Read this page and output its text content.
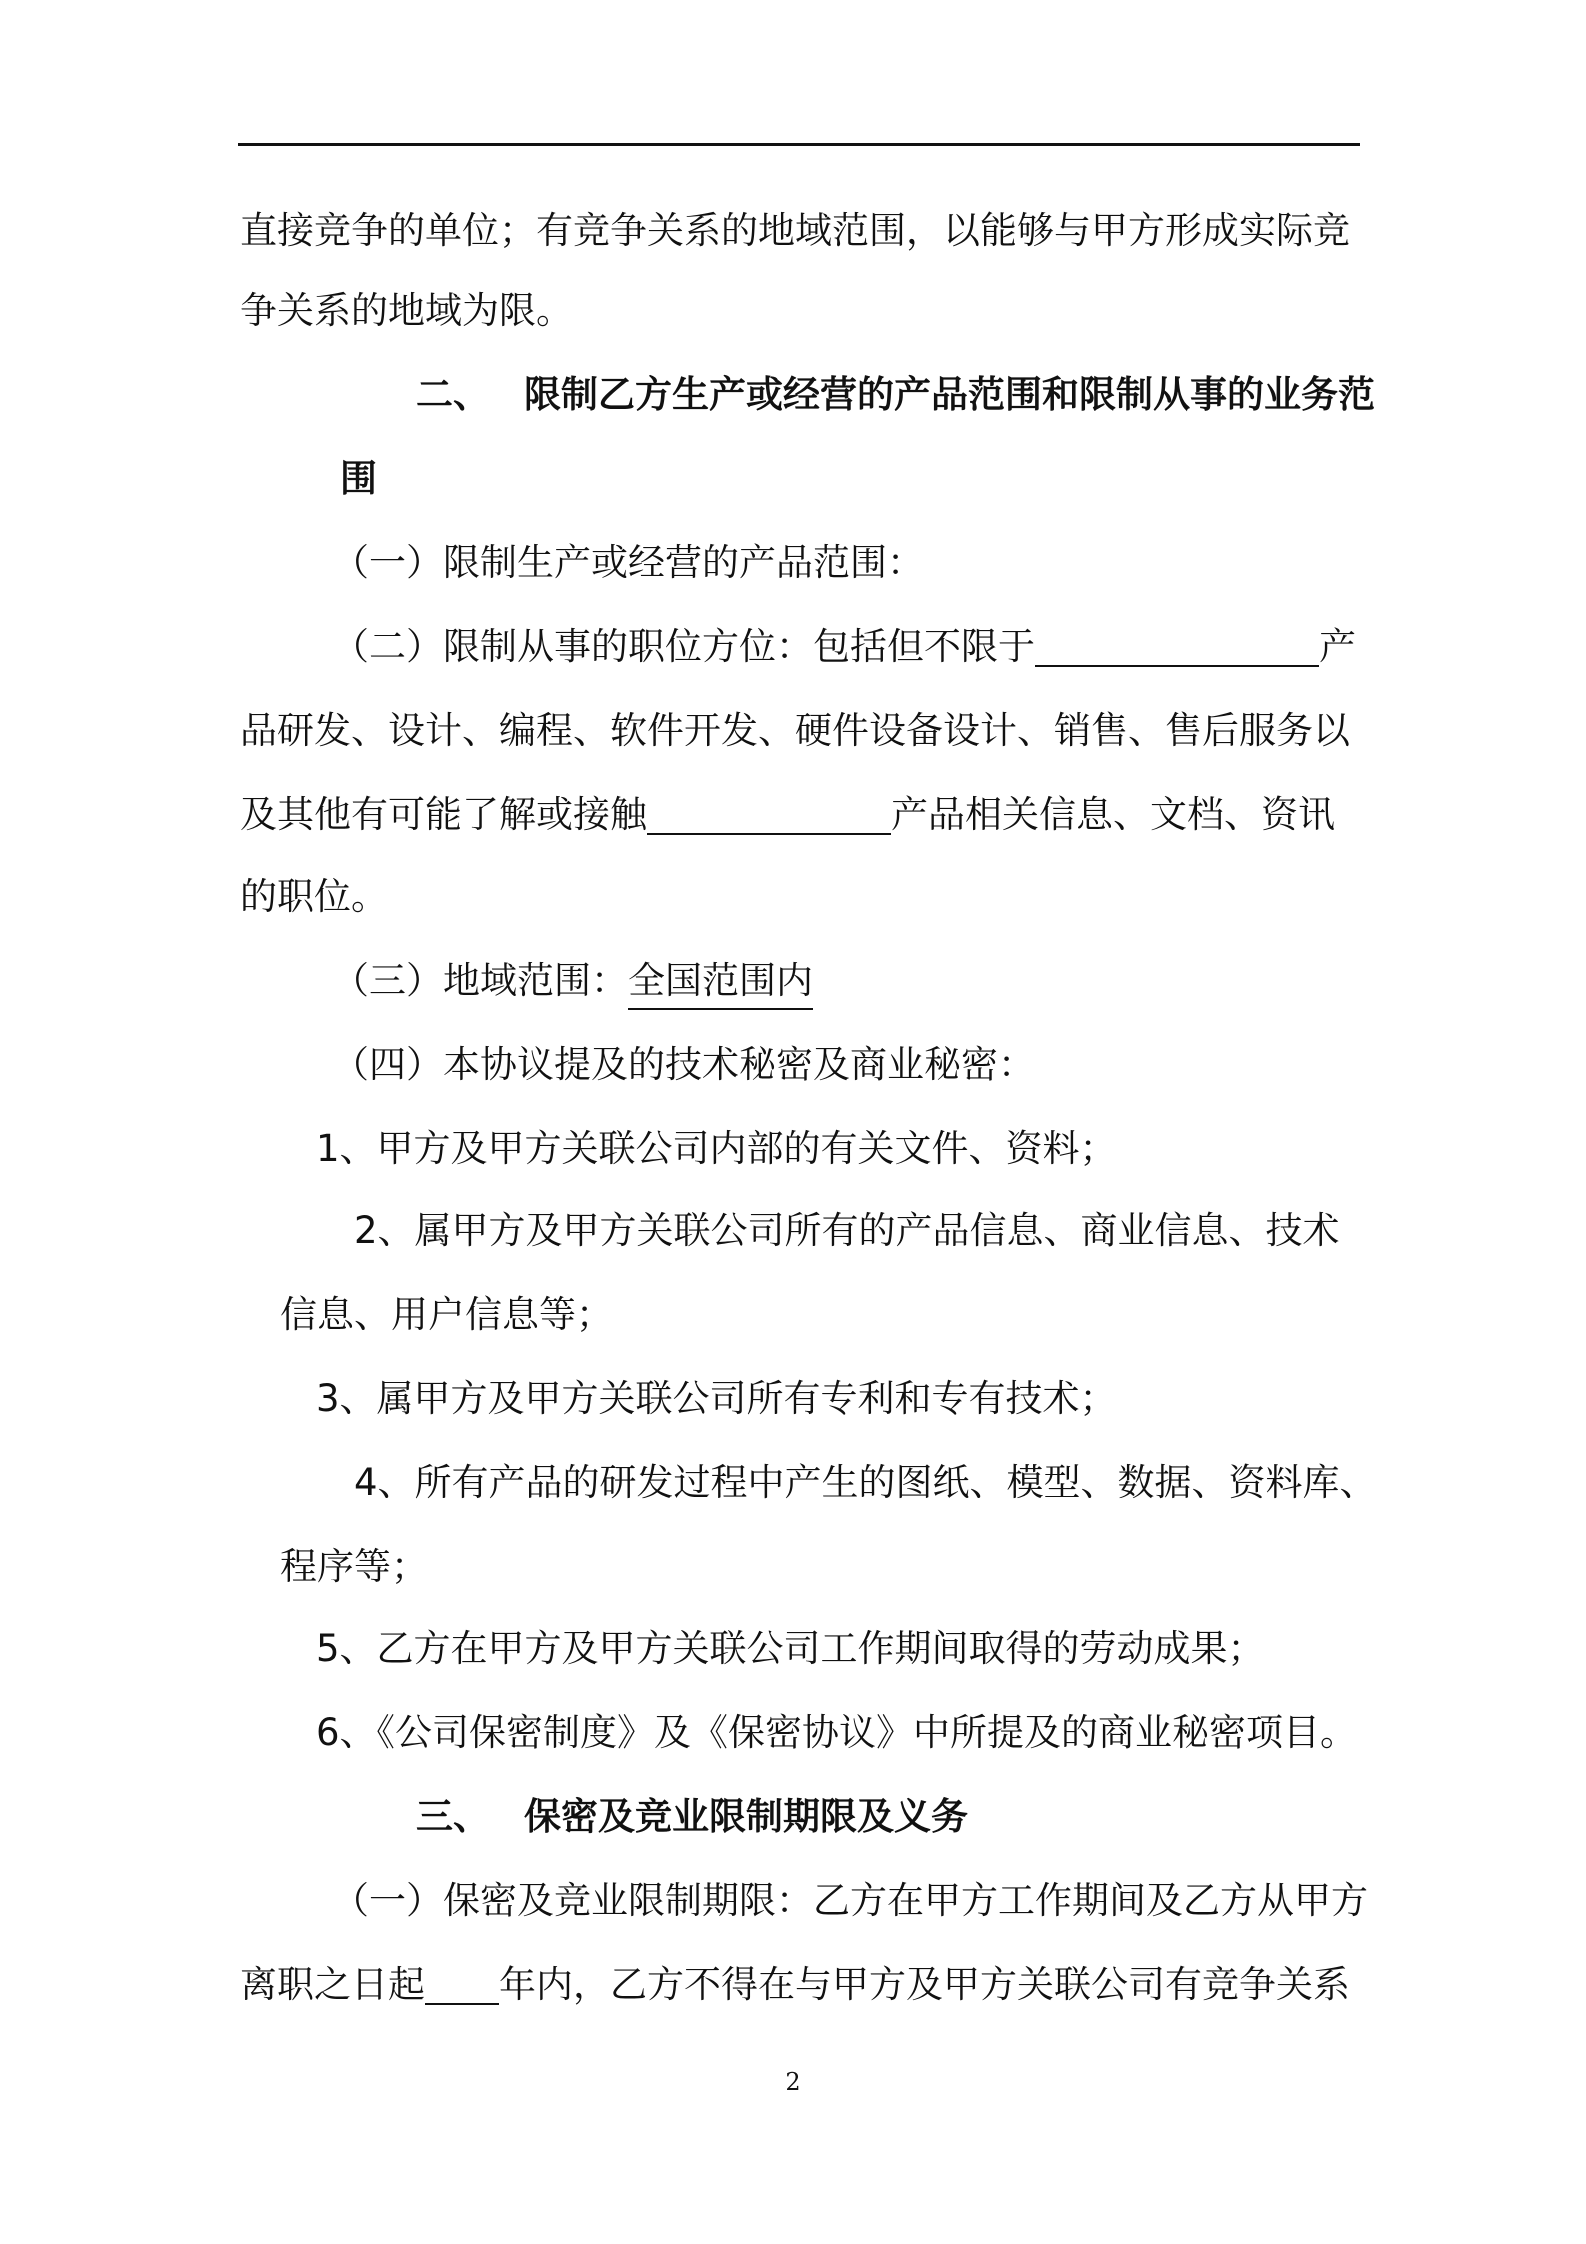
直接竞争的单位；有竞争关系的地域范围，以能够与甲方形成实际竞
争关系的地域为限。
二、 限制乙方生产或经营的产品范围和限制从事的业务范
围
（一）限制生产或经营的产品范围：
（二）限制从事的职位方位：包括但不限于	产
品研发、设计、编程、软件开发、硬件设备设计、销售、售后服务以
及其他有可能了解或接触	产品相关信息、文档、资讯
的职位。
（三）地域范围：全国范围内
（四）本协议提及的技术秘密及商业秘密：
1、甲方及甲方关联公司内部的有关文件、资料；
2、属甲方及甲方关联公司所有的产品信息、商业信息、技术
信息、用户信息等；
3、属甲方及甲方关联公司所有专利和专有技术；
4、所有产品的研发过程中产生的图纸、模型、数据、资料库、
程序等；
5、乙方在甲方及甲方关联公司工作期间取得的劳动成果；
6、《公司保密制度》及《保密协议》中所提及的商业秘密项目。
三、 保密及竞业限制期限及义务
（一）保密及竞业限制期限：乙方在甲方工作期间及乙方从甲方
离职之日起 年内，乙方不得在与甲方及甲方关联公司有竞争关系
2
